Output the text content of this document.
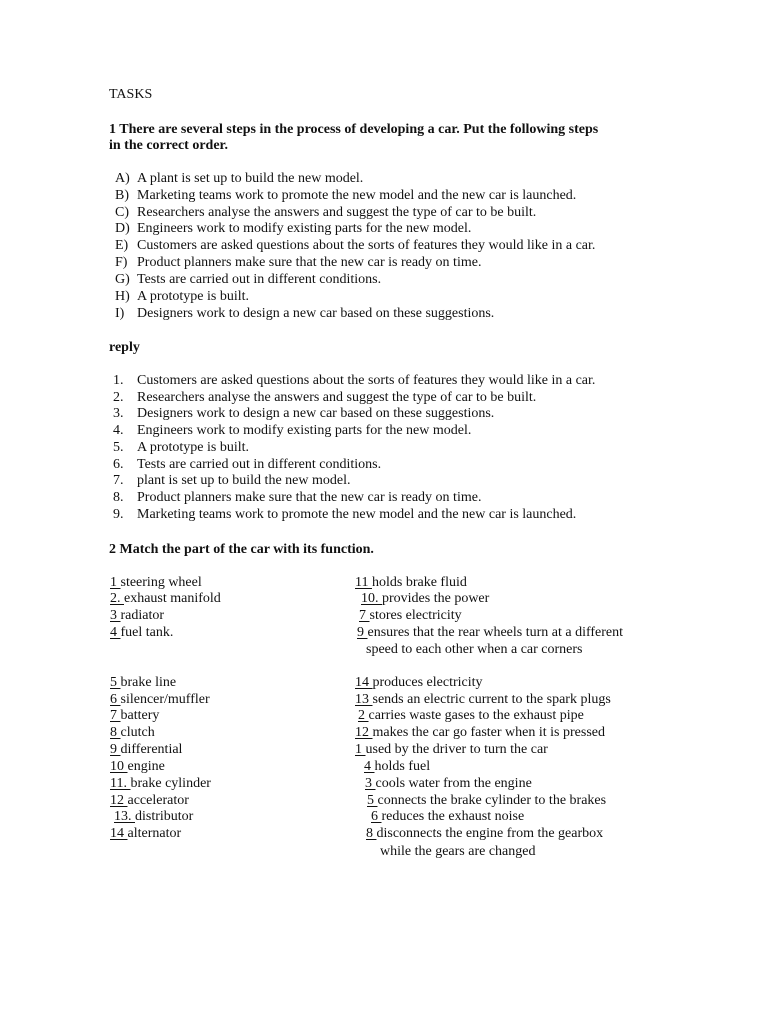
TASKS
1 There are several steps in the process of developing a car. Put the following steps
in the correct order.
A) A plant is set up to build the new model.
B) Marketing teams work to promote the new model and the new car is launched.
C) Researchers analyse the answers and suggest the type of car to be built.
D) Engineers work to modify existing parts for the new model.
E) Customers are asked questions about the sorts of features they would like in a car.
F) Product planners make sure that the new car is ready on time.
G) Tests are carried out in different conditions.
H) A prototype is built.
I) Designers work to design a new car based on these suggestions.
reply
1. Customers are asked questions about the sorts of features they would like in a car.
2. Researchers analyse the answers and suggest the type of car to be built.
3. Designers work to design a new car based on these suggestions.
4. Engineers work to modify existing parts for the new model.
5. A prototype is built.
6. Tests are carried out in different conditions.
7. plant is set up to build the new model.
8. Product planners make sure that the new car is ready on time.
9. Marketing teams work to promote the new model and the new car is launched.
2 Match the part of the car with its function.
1 steering wheel
2. exhaust manifold
3 radiator
4 fuel tank.
5 brake line
6 silencer/muffler
7 battery
8 clutch
9 differential
10 engine
11. brake cylinder
12 accelerator
13. distributor
14 alternator
11 holds brake fluid
10. provides the power
7 stores electricity
9 ensures that the rear wheels turn at a different
speed to each other when a car corners
14 produces electricity
13 sends an electric current to the spark plugs
2 carries waste gases to the exhaust pipe
12 makes the car go faster when it is pressed
1 used by the driver to turn the car
4 holds fuel
3 cools water from the engine
5 connects the brake cylinder to the brakes
6 reduces the exhaust noise
8 disconnects the engine from the gearbox
while the gears are changed
